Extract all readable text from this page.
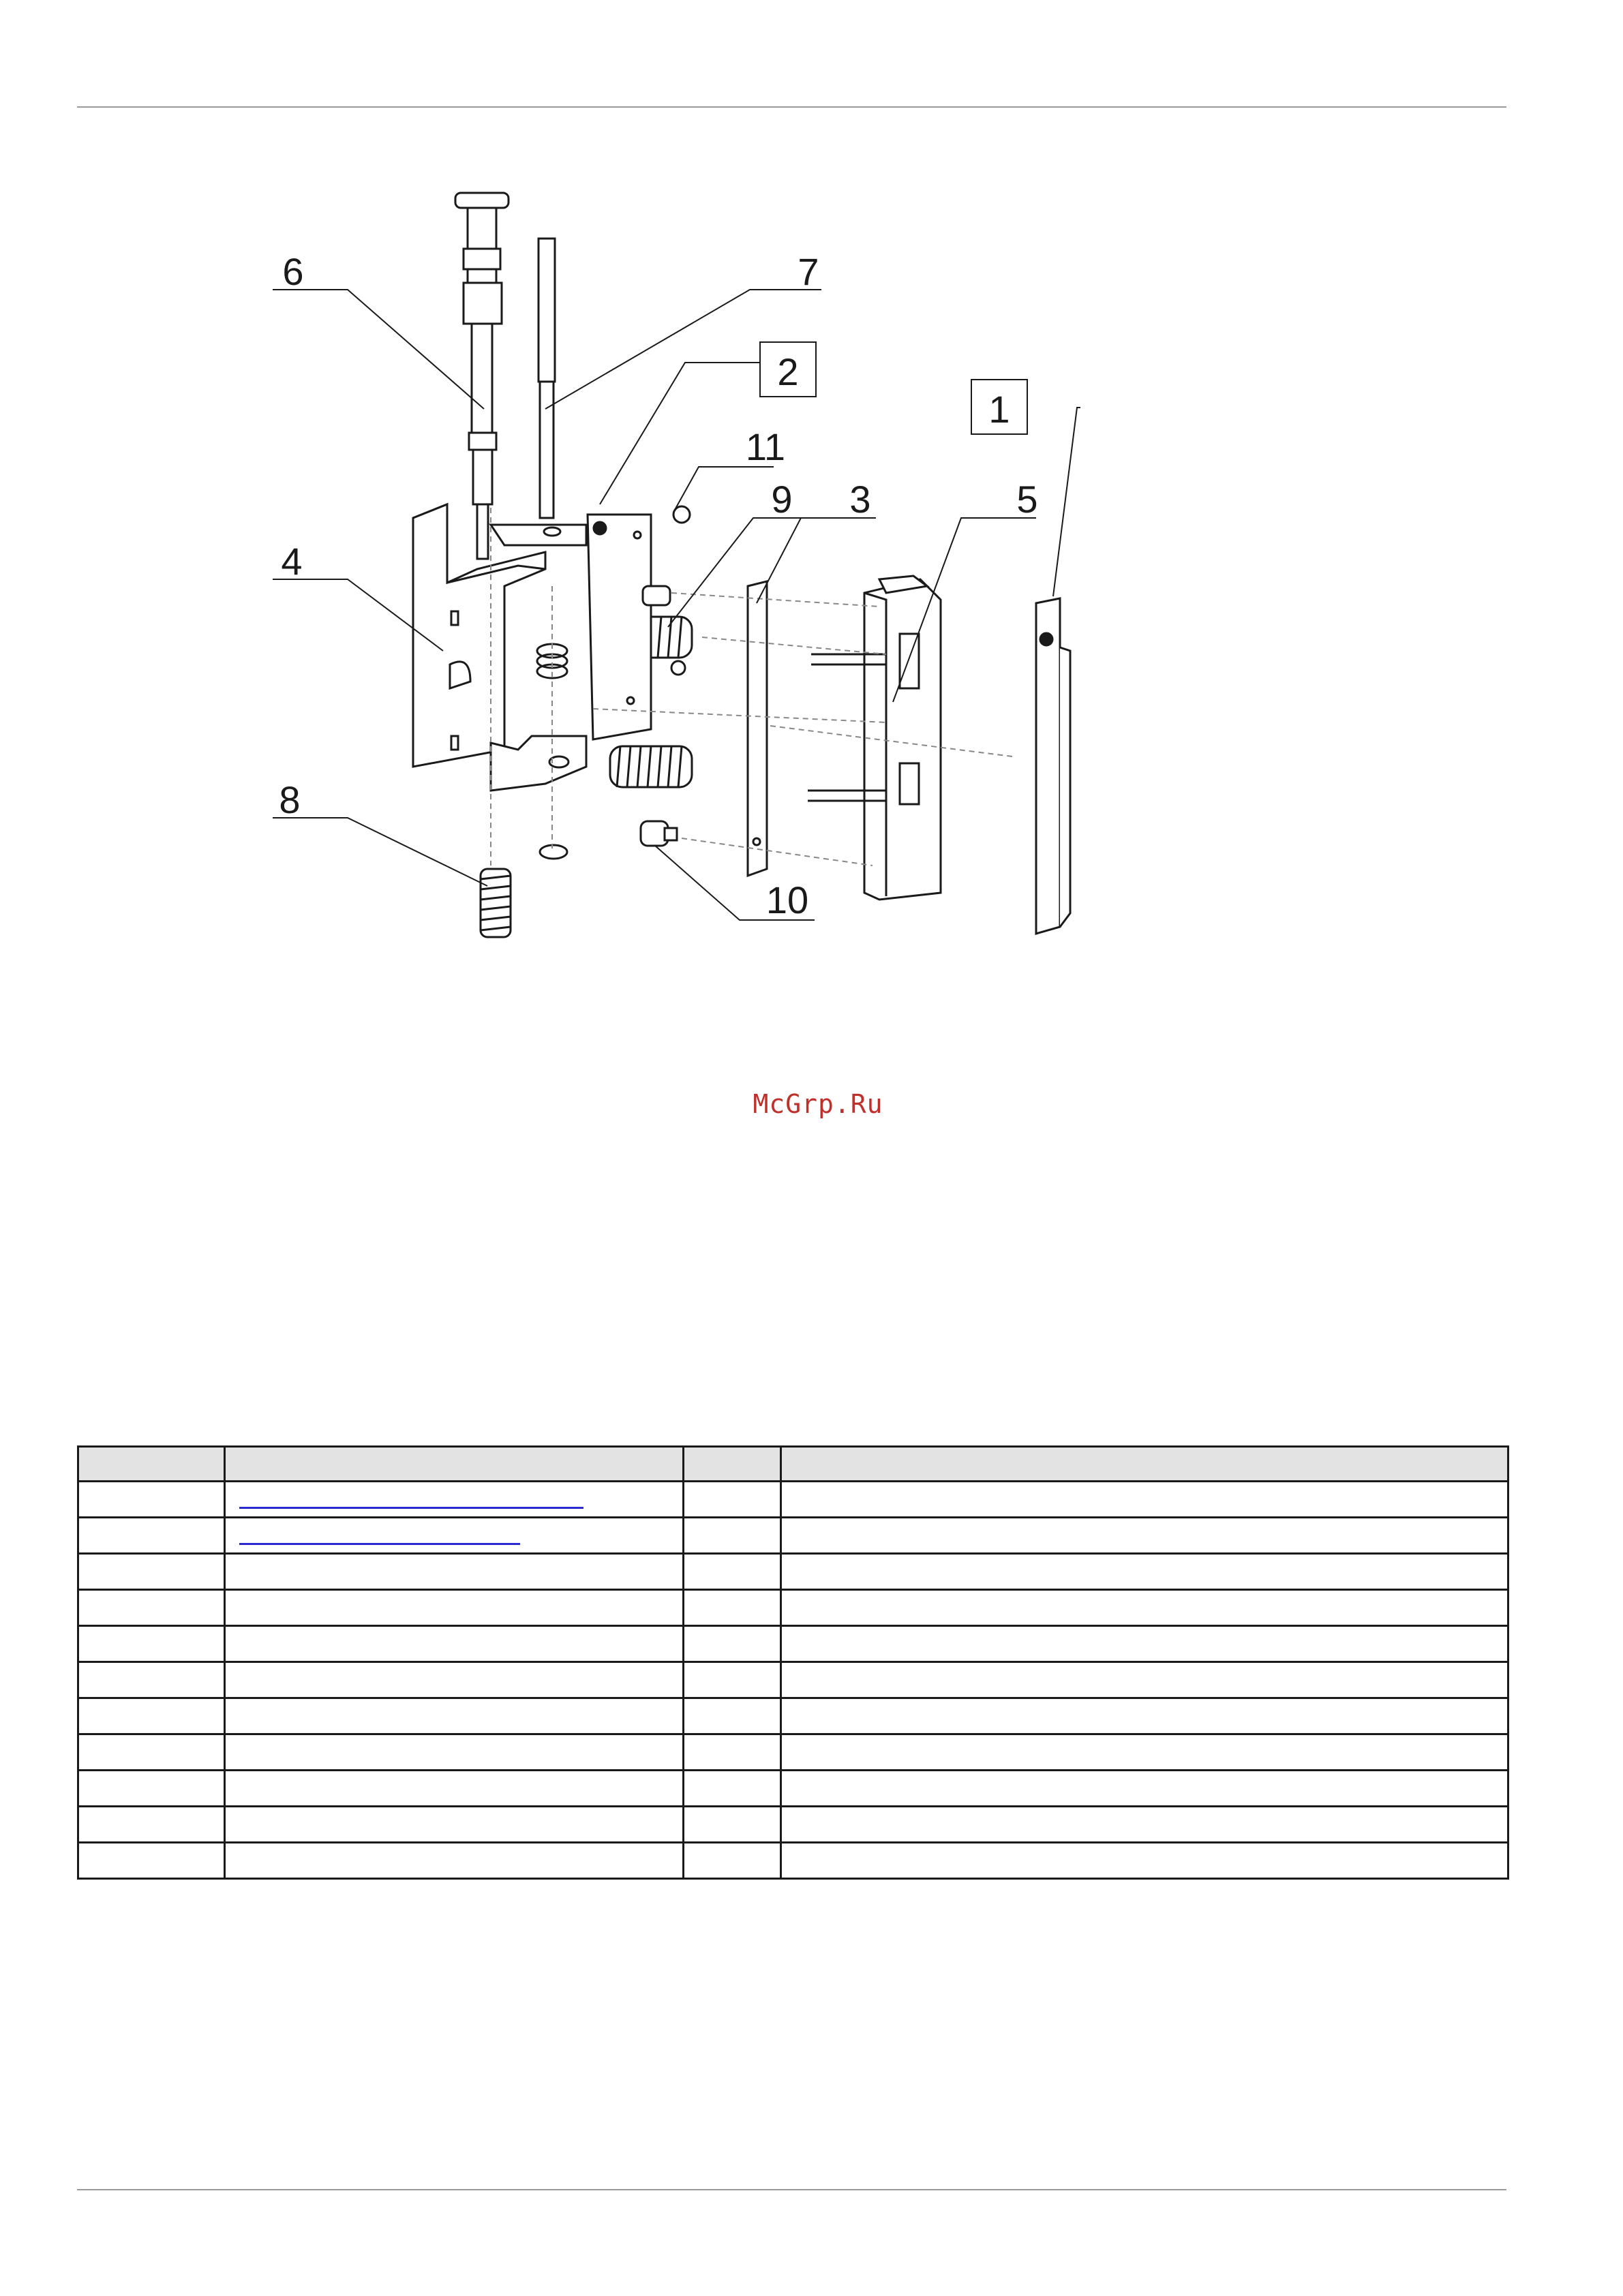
1
2
3
4
5
6	7
8
9
10
11
McGrp.Ru
